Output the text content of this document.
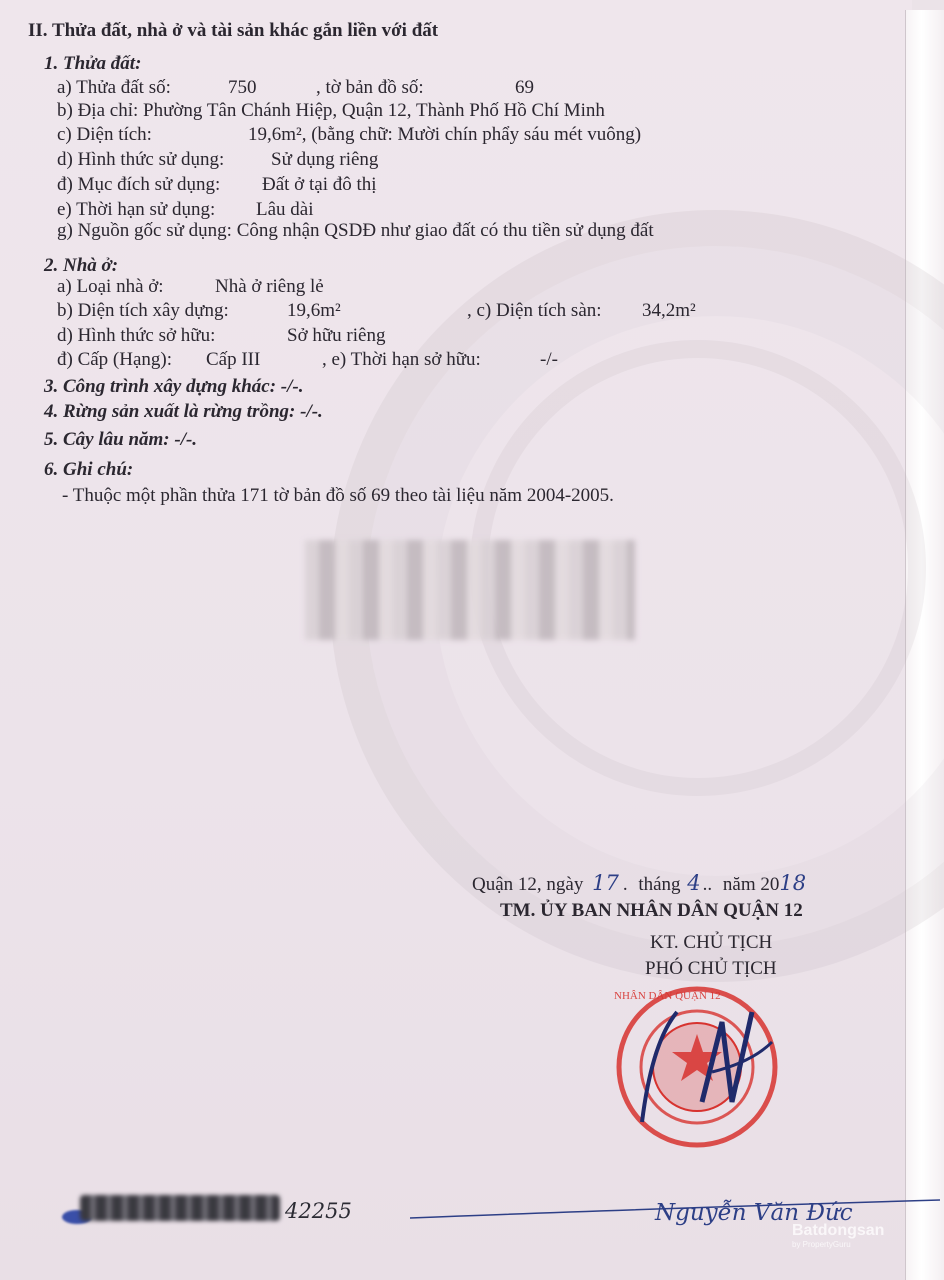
II. Thửa đất, nhà ở và tài sản khác gắn liền với đất
1. Thửa đất:
a) Thửa đất số:	750	, tờ bản đồ số:	69
b) Địa chỉ: Phường Tân Chánh Hiệp, Quận 12, Thành Phố Hồ Chí Minh
c) Diện tích:	19,6m², (bằng chữ: Mười chín phẩy sáu mét vuông)
d) Hình thức sử dụng: Sử dụng riêng
đ) Mục đích sử dụng: Đất ở tại đô thị
e) Thời hạn sử dụng: Lâu dài
g) Nguồn gốc sử dụng: Công nhận QSDĐ như giao đất có thu tiền sử dụng đất
2. Nhà ở:
a) Loại nhà ở:	Nhà ở riêng lẻ
b) Diện tích xây dựng:	19,6m²	, c) Diện tích sàn: 34,2m²
d) Hình thức sở hữu:	Sở hữu riêng
đ) Cấp (Hạng): Cấp III	, e) Thời hạn sở hữu:	-/-
3. Công trình xây dựng khác: -/-.
4. Rừng sản xuất là rừng trồng: -/-.
5. Cây lâu năm: -/-.
6. Ghi chú:
- Thuộc một phần thửa 171 tờ bản đồ số 69 theo tài liệu năm 2004-2005.
Quận 12, ngày 17 . tháng 4 .. năm 2018
TM. ỦY BAN NHÂN DÂN QUẬN 12
KT. CHỦ TỊCH
PHÓ CHỦ TỊCH
NHÂN DÂN QUẬN 12
42255	Nguyễn Văn Đức
Batdongsan
by PropertyGuru
